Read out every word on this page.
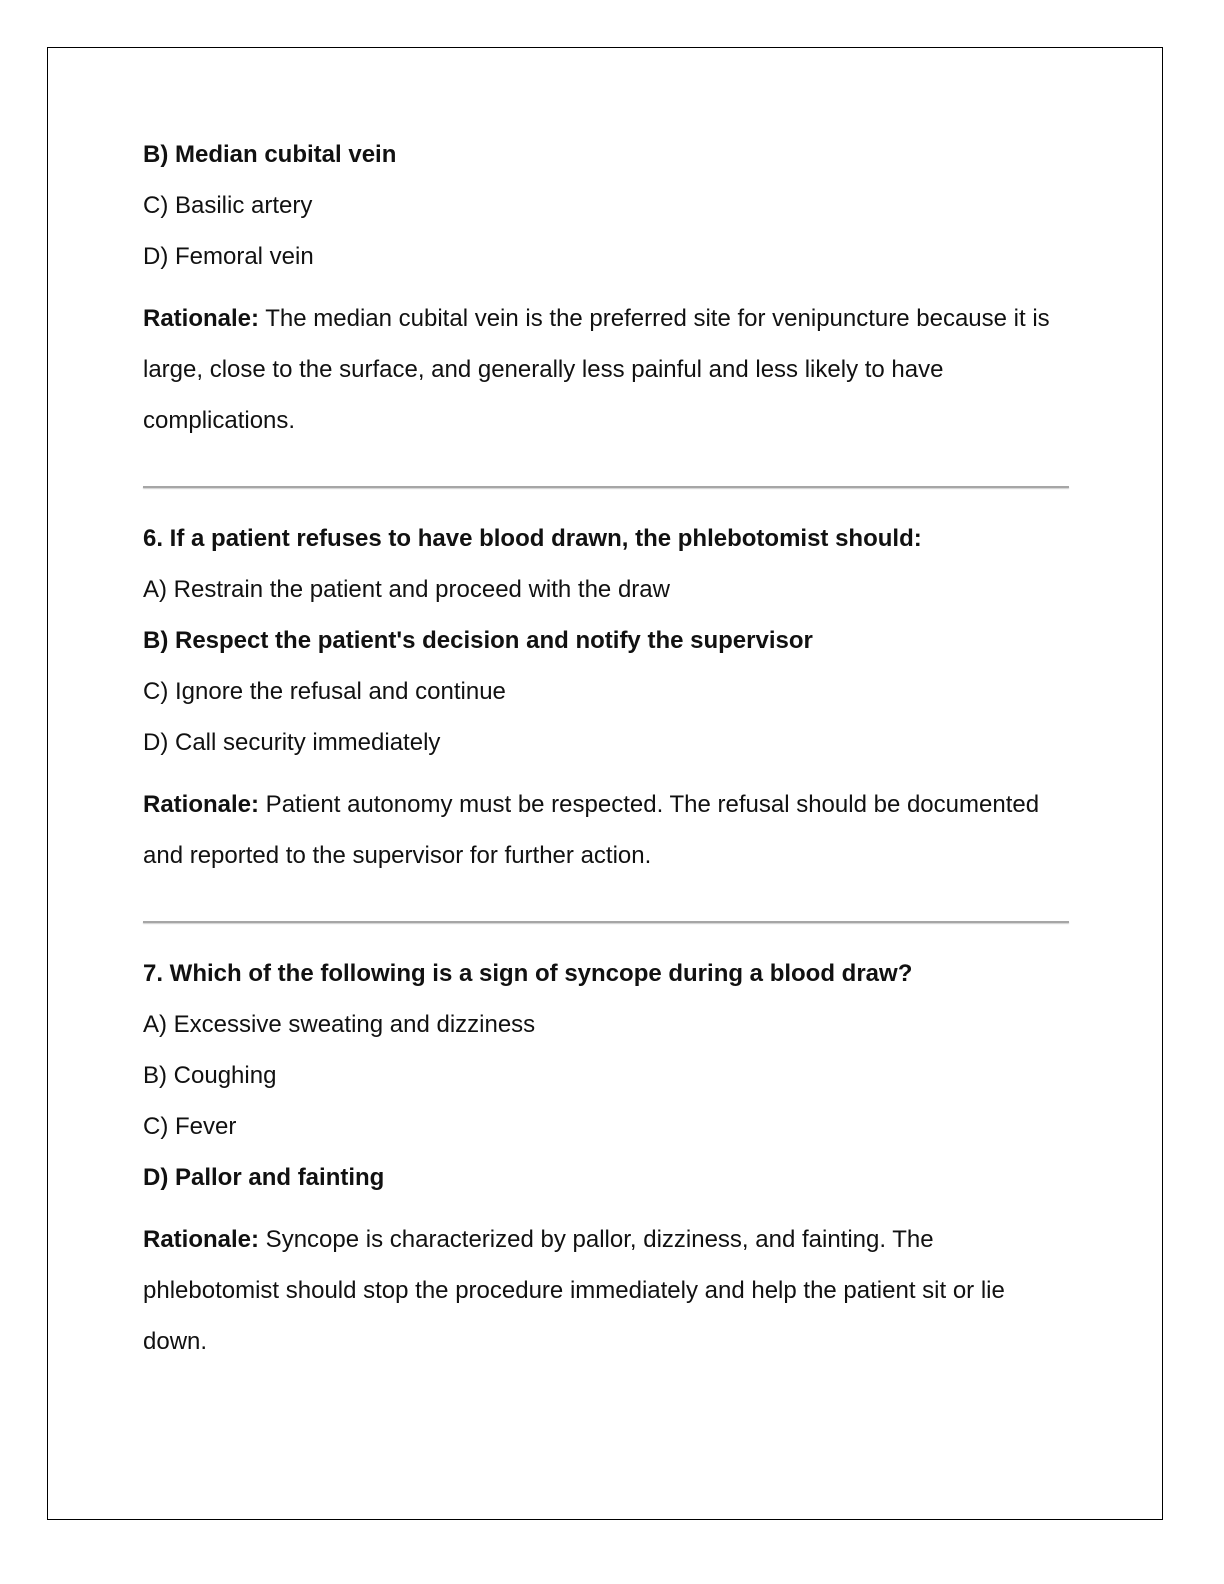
B) Median cubital vein

C) Basilic artery

D) Femoral vein

Rationale: The median cubital vein is the preferred site for venipuncture because it is large, close to the surface, and generally less painful and less likely to have complications.

6. If a patient refuses to have blood drawn, the phlebotomist should:

A) Restrain the patient and proceed with the draw

B) Respect the patient's decision and notify the supervisor

C) Ignore the refusal and continue

D) Call security immediately

Rationale: Patient autonomy must be respected. The refusal should be documented and reported to the supervisor for further action.

7. Which of the following is a sign of syncope during a blood draw?

A) Excessive sweating and dizziness

B) Coughing

C) Fever

D) Pallor and fainting

Rationale: Syncope is characterized by pallor, dizziness, and fainting. The phlebotomist should stop the procedure immediately and help the patient sit or lie down.
